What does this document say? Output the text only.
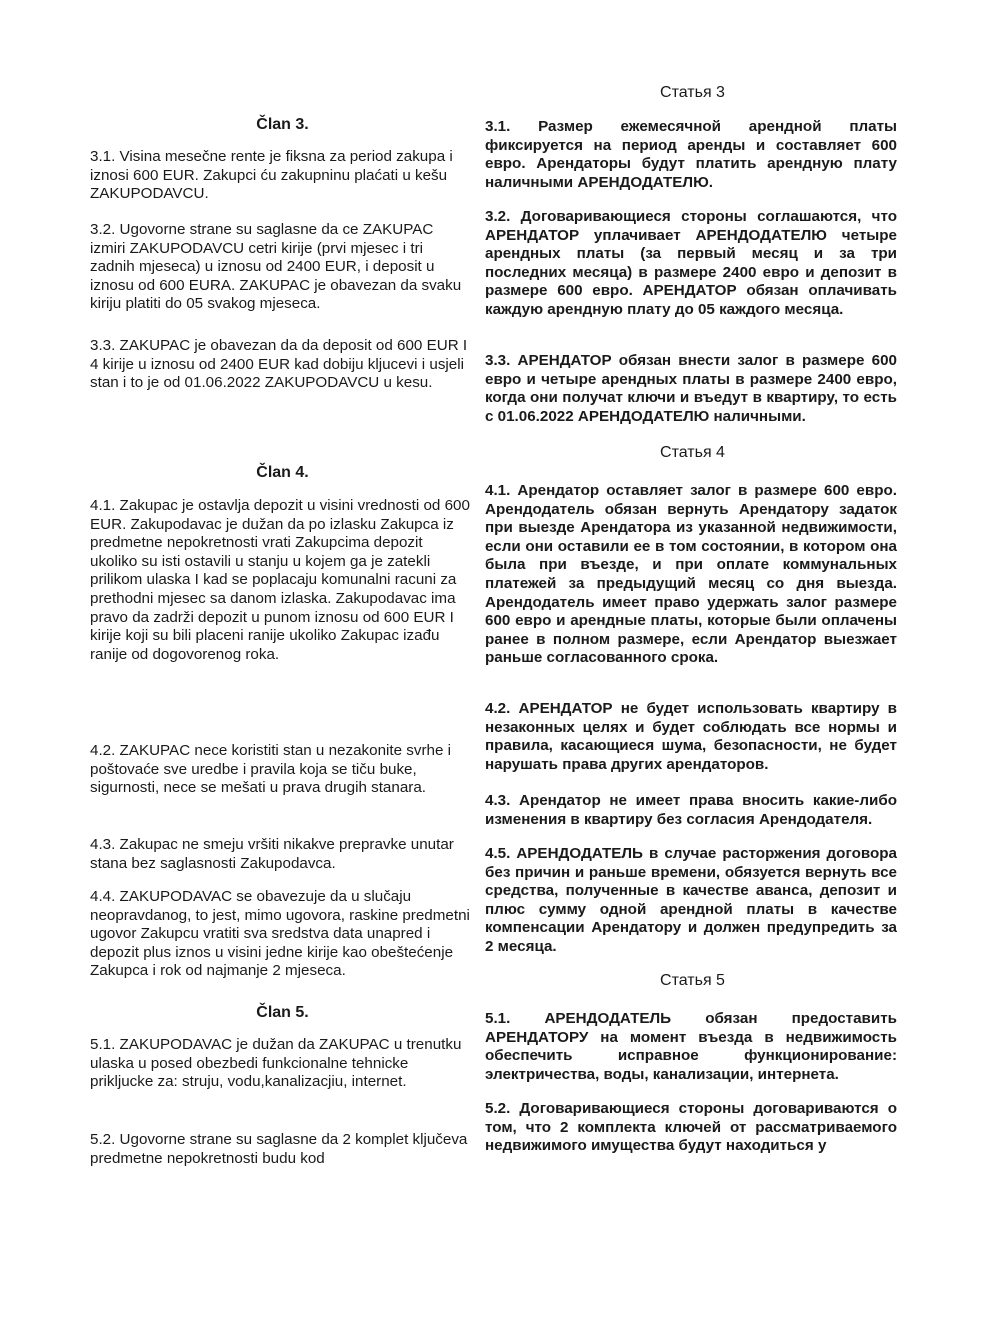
Član 3.

3.1. Visina mesečne rente je fiksna za period zakupa i iznosi 600 EUR. Zakupci ću zakupninu plaćati u kešu ZAKUPODAVCU.

3.2. Ugovorne strane su saglasne da ce ZAKUPAC izmiri ZAKUPODAVCU cetri kirije (prvi mjesec i tri zadnih mjeseca) u iznosu od 2400 EUR, i deposit u iznosu od 600 EURA. ZAKUPAC je obavezan da svaku kiriju platiti do 05 svakog mjeseca.

3.3. ZAKUPAC je obavezan da da deposit od 600 EUR I 4 kirije u iznosu od 2400 EUR kad dobiju kljucevi i usjeli stan i to je od 01.06.2022 ZAKUPODAVCU u kesu.

Član 4.

4.1. Zakupac je ostavlja depozit u visini vrednosti od 600 EUR. Zakupodavac je dužan da po izlasku Zakupca iz predmetne nepokretnosti vrati Zakupcima depozit ukoliko su isti ostavili u stanju u kojem ga je zatekli prilikom ulaska I kad se poplacaju komunalni racuni za prethodni mjesec sa danom izlaska. Zakupodavac ima pravo da zadrži depozit u punom iznosu od 600 EUR I kirije koji su bili placeni ranije ukoliko Zakupac izađu ranije od dogovorenog roka.

4.2. ZAKUPAC nece koristiti stan u nezakonite svrhe i poštovaće sve uredbe i pravila koja se tiču buke, sigurnosti, nece se mešati u prava drugih stanara.

4.3. Zakupac ne smeju vršiti nikakve prepravke unutar stana bez saglasnosti Zakupodavca.

4.4. ZAKUPODAVAC se obavezuje da u slučaju neopravdanog, to jest, mimo ugovora, raskine predmetni ugovor Zakupcu vratiti sva sredstva data unapred i depozit plus iznos u visini jedne kirije kao obeštećenje Zakupca i rok od najmanje 2 mjeseca.

Član 5.

5.1. ZAKUPODAVAC je dužan da ZAKUPAC u trenutku ulaska u posed obezbedi funkcionalne tehnicke prikljucke za: struju, vodu,kanalizacjiu, internet.

5.2. Ugovorne strane su saglasne da 2 komplet ključeva predmetne nepokretnosti budu kod

Статья 3

3.1. Размер ежемесячной арендной платы фиксируется на период аренды и составляет 600 евро. Арендаторы будут платить арендную плату наличными АРЕНДОДАТЕЛЮ.

3.2. Договаривающиеся стороны соглашаются, что АРЕНДАТОР уплачивает АРЕНДОДАТЕЛЮ четыре арендных платы (за первый месяц и за три последних месяца) в размере 2400 евро и депозит в размере 600 евро. АРЕНДАТОР обязан оплачивать каждую арендную плату до 05 каждого месяца.

3.3. АРЕНДАТОР обязан внести залог в размере 600 евро и четыре арендных платы в размере 2400 евро, когда они получат ключи и въедут в квартиру, то есть с 01.06.2022 АРЕНДОДАТЕЛЮ наличными.

Статья 4

4.1. Арендатор оставляет залог в размере 600 евро. Арендодатель обязан вернуть Арендатору задаток при выезде Арендатора из указанной недвижимости, если они оставили ее в том состоянии, в котором она была при въезде, и при оплате коммунальных платежей за предыдущий месяц со дня выезда. Арендодатель имеет право удержать залог размере 600 евро и арендные платы, которые были оплачены ранее в полном размере, если Арендатор выезжает раньше согласованного срока.

4.2. АРЕНДАТОР не будет использовать квартиру в незаконных целях и будет соблюдать все нормы и правила, касающиеся шума, безопасности, не будет нарушать права других арендаторов.

4.3. Арендатор не имеет права вносить какие-либо изменения в квартиру без согласия Арендодателя.

4.5. АРЕНДОДАТЕЛЬ в случае расторжения договора без причин и раньше времени, обязуется вернуть все средства, полученные в качестве аванса, депозит и плюс сумму одной арендной платы в качестве компенсации Арендатору и должен предупредить за 2 месяца.

Статья 5

5.1. АРЕНДОДАТЕЛЬ обязан предоставить АРЕНДАТОРУ на момент въезда в недвижимость обеспечить исправное функционирование: электричества, воды, канализации, интернета.

5.2. Договаривающиеся стороны договариваются о том, что 2 комплекта ключей от рассматриваемого недвижимого имущества будут находиться у
